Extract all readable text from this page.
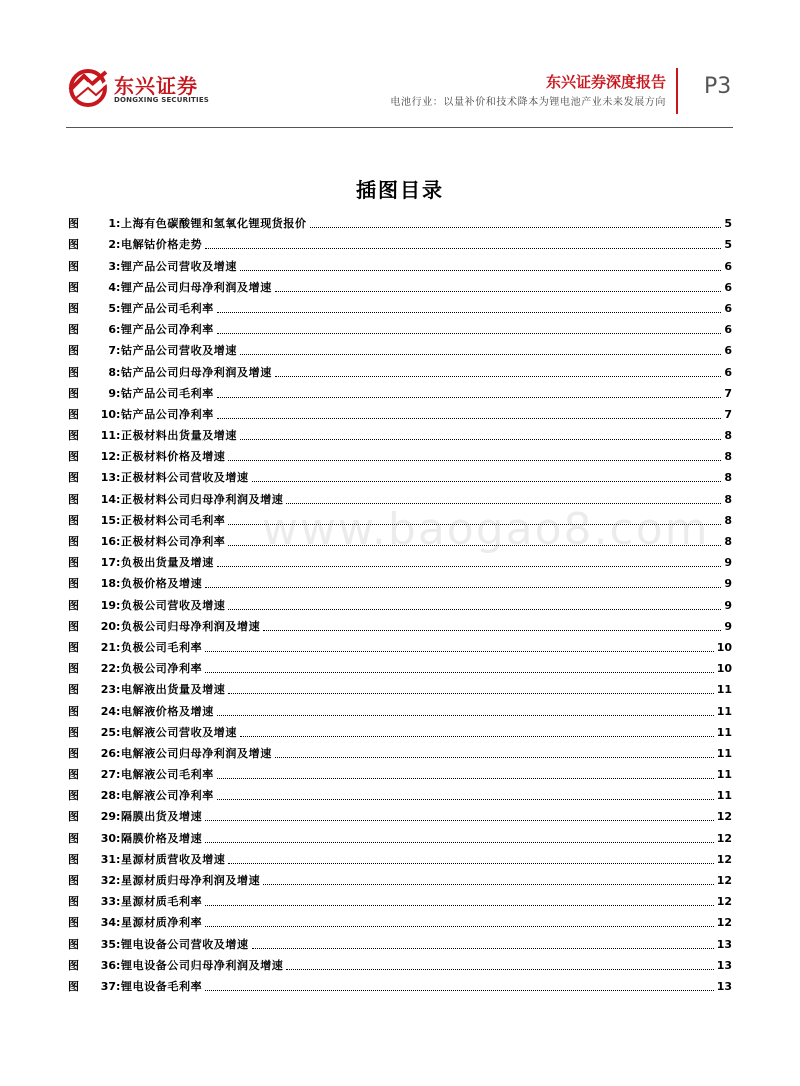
东兴证券
DONGXING SECURITIES
东兴证券深度报告
电池行业：以量补价和技术降本为锂电池产业未来发展方向
P3
插图目录
图	1 : 上海有色碳酸锂和氢氧化锂现货报价	5
图	2 : 电解钴价格走势	5
图	3 : 锂产品公司营收及增速	6
图	4 : 锂产品公司归母净利润及增速	6
图	5 : 锂产品公司毛利率	6
图	6 : 锂产品公司净利率	6
图	7 : 钴产品公司营收及增速	6
图	8 : 钴产品公司归母净利润及增速	6
图	9 : 钴产品公司毛利率	7
图	10 : 钴产品公司净利率	7
图	11 : 正极材料出货量及增速	8
图	12 : 正极材料价格及增速	8
图	13 : 正极材料公司营收及增速	8
图	14 : 正极材料公司归母净利润及增速	8
图	15 : 正极材料公司毛利率	8
图	16 : 正极材料公司净利率	8
图	17 : 负极出货量及增速	9
图	18 : 负极价格及增速	9
图	19 : 负极公司营收及增速	9
图	20 : 负极公司归母净利润及增速	9
图	21 : 负极公司毛利率	10
图	22 : 负极公司净利率	10
图	23 : 电解液出货量及增速	11
图	24 : 电解液价格及增速	11
图	25 : 电解液公司营收及增速	11
图	26 : 电解液公司归母净利润及增速	11
图	27 : 电解液公司毛利率	11
图	28 : 电解液公司净利率	11
图	29 : 隔膜出货及增速	12
图	30 : 隔膜价格及增速	12
图	31 : 星源材质营收及增速	12
图	32 : 星源材质归母净利润及增速	12
图	33 : 星源材质毛利率	12
图	34 : 星源材质净利率	12
图	35 : 锂电设备公司营收及增速	13
图	36 : 锂电设备公司归母净利润及增速	13
图	37 : 锂电设备毛利率	13
www.baogao8.com
